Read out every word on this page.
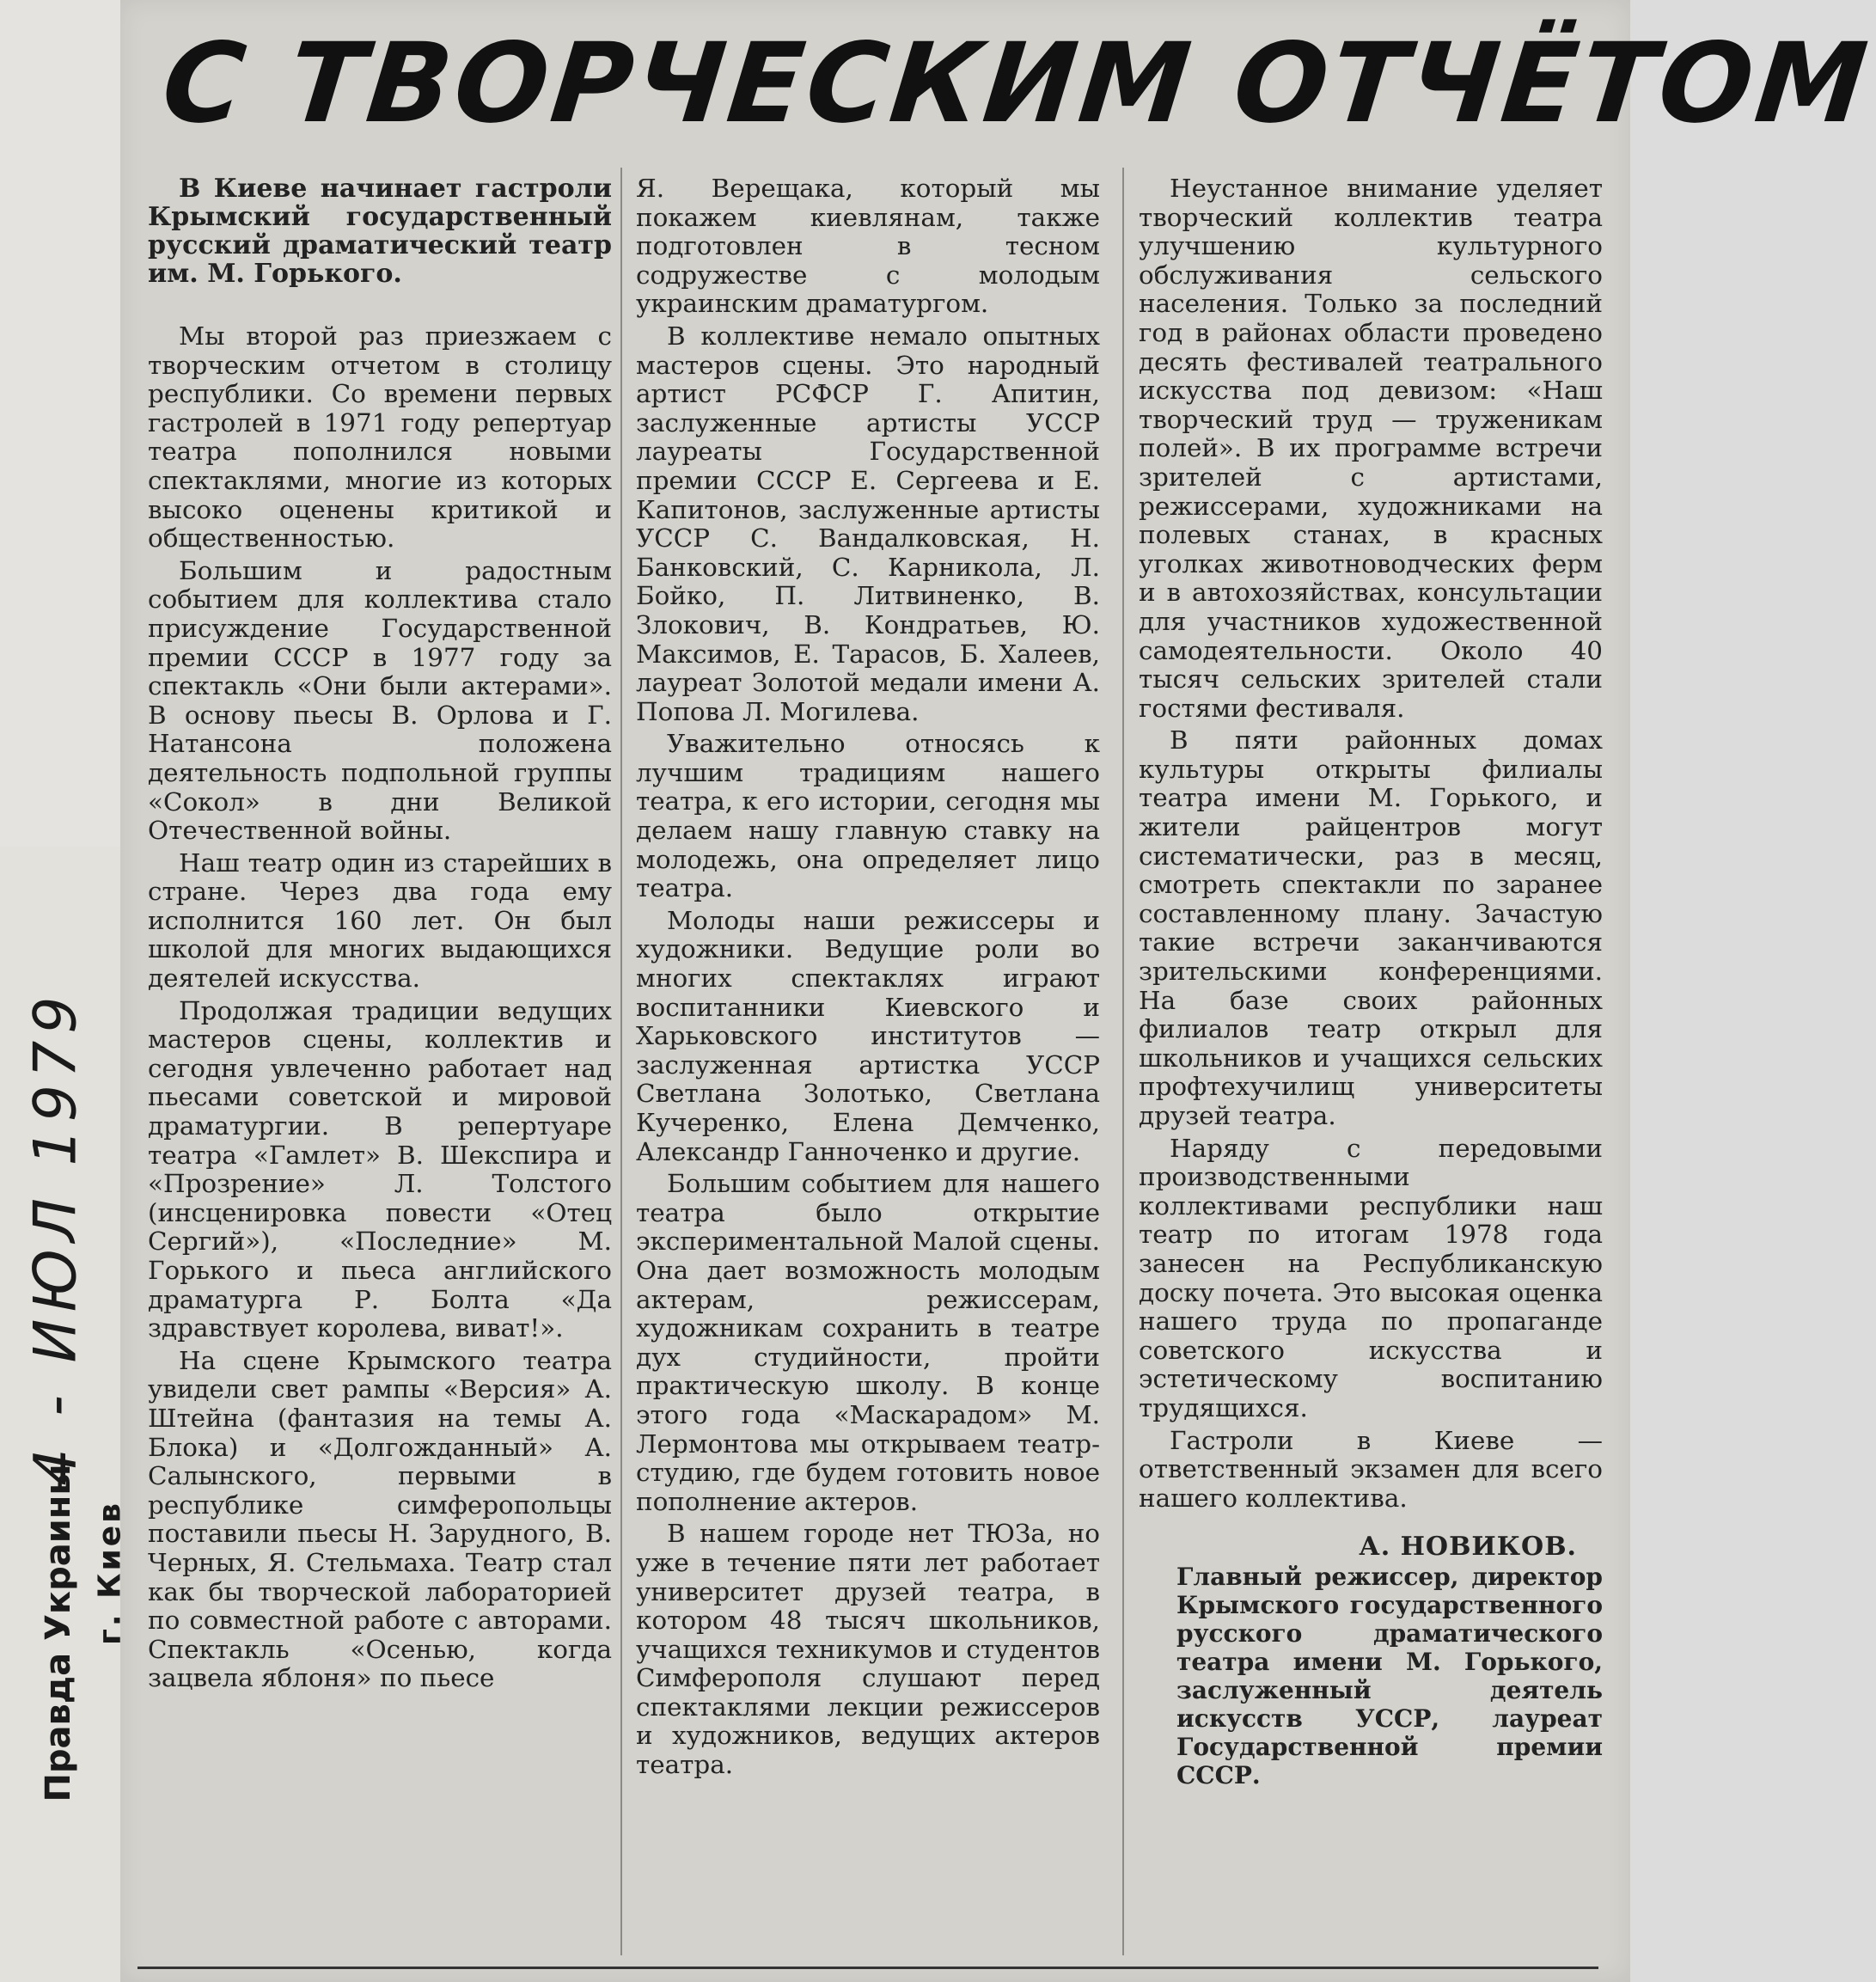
С ТВОРЧЕСКИМ ОТЧЁТОМ

В Киеве начинает гастроли Крымский государственный русский драматический театр им. М. Горького.

Мы второй раз приезжаем с творческим отчетом в столицу республики. Со времени первых гастролей в 1971 году репертуар театра пополнился новыми спектаклями, многие из которых высоко оценены критикой и общественностью.

Большим и радостным событием для коллектива стало присуждение Государственной премии СССР в 1977 году за спектакль «Они были актерами». В основу пьесы В. Орлова и Г. Натансона положена деятельность подпольной группы «Сокол» в дни Великой Отечественной войны.

Наш театр один из старейших в стране. Через два года ему исполнится 160 лет. Он был школой для многих выдающихся деятелей искусства.

Продолжая традиции ведущих мастеров сцены, коллектив и сегодня увлеченно работает над пьесами советской и мировой драматургии. В репертуаре театра «Гамлет» В. Шекспира и «Прозрение» Л. Толстого (инсценировка повести «Отец Сергий»), «Последние» М. Горького и пьеса английского драматурга Р. Болта «Да здравствует королева, виват!».

На сцене Крымского театра увидели свет рампы «Версия» А. Штейна (фантазия на темы А. Блока) и «Долгожданный» А. Салынского, первыми в республике симферопольцы поставили пьесы Н. Зарудного, В. Черных, Я. Стельмаха. Театр стал как бы творческой лабораторией по совместной работе с авторами. Спектакль «Осенью, когда зацвела яблоня» по пьесе

Я. Верещака, который мы покажем киевлянам, также подготовлен в тесном содружестве с молодым украинским драматургом.

В коллективе немало опытных мастеров сцены. Это народный артист РСФСР Г. Апитин, заслуженные артисты УССР лауреаты Государственной премии СССР Е. Сергеева и Е. Капитонов, заслуженные артисты УССР С. Вандалковская, Н. Банковский, С. Карникола, Л. Бойко, П. Литвиненко, В. Злокович, В. Кондратьев, Ю. Максимов, Е. Тарасов, Б. Халеев, лауреат Золотой медали имени А. Попова Л. Могилева.

Уважительно относясь к лучшим традициям нашего театра, к его истории, сегодня мы делаем нашу главную ставку на молодежь, она определяет лицо театра.

Молоды наши режиссеры и художники. Ведущие роли во многих спектаклях играют воспитанники Киевского и Харьковского институтов — заслуженная артистка УССР Светлана Золотько, Светлана Кучеренко, Елена Демченко, Александр Ганноченко и другие.

Большим событием для нашего театра было открытие экспериментальной Малой сцены. Она дает возможность молодым актерам, режиссерам, художникам сохранить в театре дух студийности, пройти практическую школу. В конце этого года «Маскарадом» М. Лермонтова мы открываем театр-студию, где будем готовить новое пополнение актеров.

В нашем городе нет ТЮЗа, но уже в течение пяти лет работает университет друзей театра, в котором 48 тысяч школьников, учащихся техникумов и студентов Симферополя слушают перед спектаклями лекции режиссеров и художников, ведущих актеров театра.

Неустанное внимание уделяет творческий коллектив театра улучшению культурного обслуживания сельского населения. Только за последний год в районах области проведено десять фестивалей театрального искусства под девизом: «Наш творческий труд — труженикам полей». В их программе встречи зрителей с артистами, режиссерами, художниками на полевых станах, в красных уголках животноводческих ферм и в автохозяйствах, консультации для участников художественной самодеятельности. Около 40 тысяч сельских зрителей стали гостями фестиваля.

В пяти районных домах культуры открыты филиалы театра имени М. Горького, и жители райцентров могут систематически, раз в месяц, смотреть спектакли по заранее составленному плану. Зачастую такие встречи заканчиваются зрительскими конференциями. На базе своих районных филиалов театр открыл для школьников и учащихся сельских профтехучилищ университеты друзей театра.

Наряду с передовыми производственными коллективами республики наш театр по итогам 1978 года занесен на Республиканскую доску почета. Это высокая оценка нашего труда по пропаганде советского искусства и эстетическому воспитанию трудящихся.

Гастроли в Киеве — ответственный экзамен для всего нашего коллектива.

А. НОВИКОВ.
Главный режиссер, директор Крымского государственного русского драматического театра имени М. Горького, заслуженный деятель искусств УССР, лауреат Государственной премии СССР.
4 - ИЮЛ 1979
Правда Украины г. Киев
